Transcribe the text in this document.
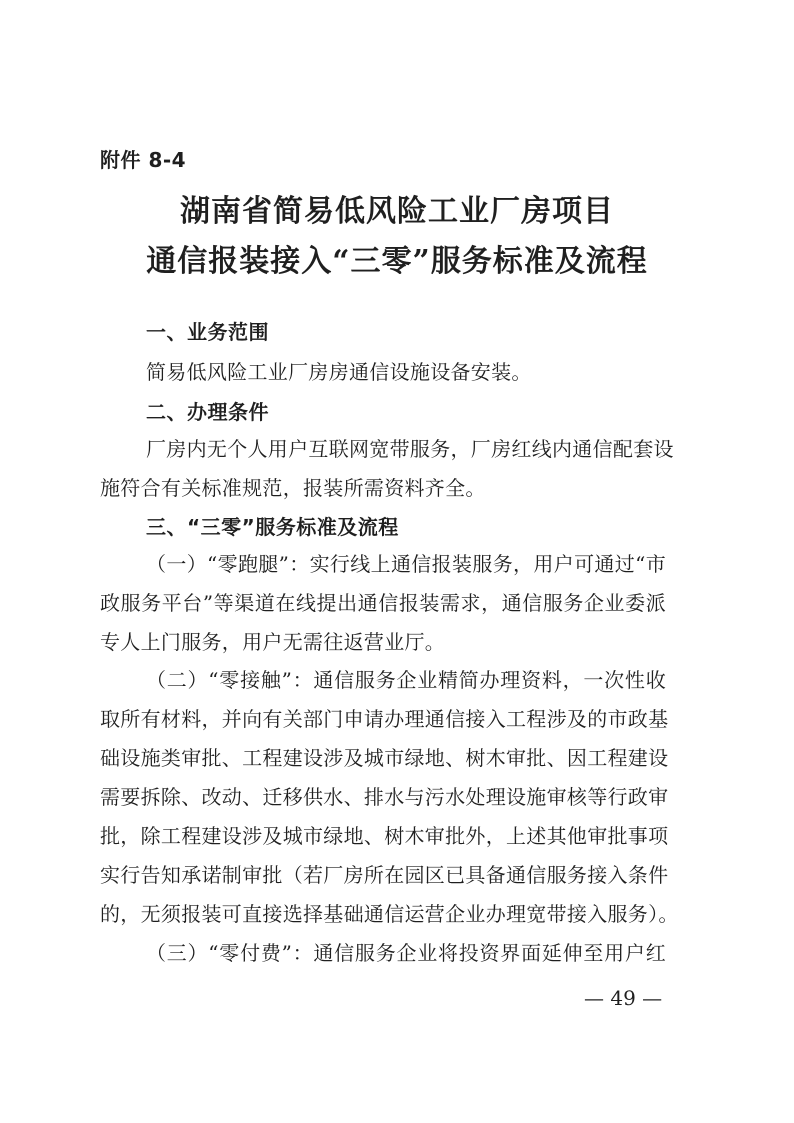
附件 8-4
湖南省简易低风险工业厂房项目
通信报装接入“三零”服务标准及流程
一、业务范围
简易低风险工业厂房房通信设施设备安装。
二、办理条件
厂房内无个人用户互联网宽带服务，厂房红线内通信配套设
施符合有关标准规范，报装所需资料齐全。
三、“三零”服务标准及流程
（一）“零跑腿”：实行线上通信报装服务，用户可通过“市
政服务平台”等渠道在线提出通信报装需求，通信服务企业委派
专人上门服务，用户无需往返营业厅。
（二）“零接触”：通信服务企业精简办理资料，一次性收
取所有材料，并向有关部门申请办理通信接入工程涉及的市政基
础设施类审批、工程建设涉及城市绿地、树木审批、因工程建设
需要拆除、改动、迁移供水、排水与污水处理设施审核等行政审
批，除工程建设涉及城市绿地、树木审批外，上述其他审批事项
实行告知承诺制审批（若厂房所在园区已具备通信服务接入条件
的，无须报装可直接选择基础通信运营企业办理宽带接入服务）。
（三）“零付费”：通信服务企业将投资界面延伸至用户红
— 49 —
